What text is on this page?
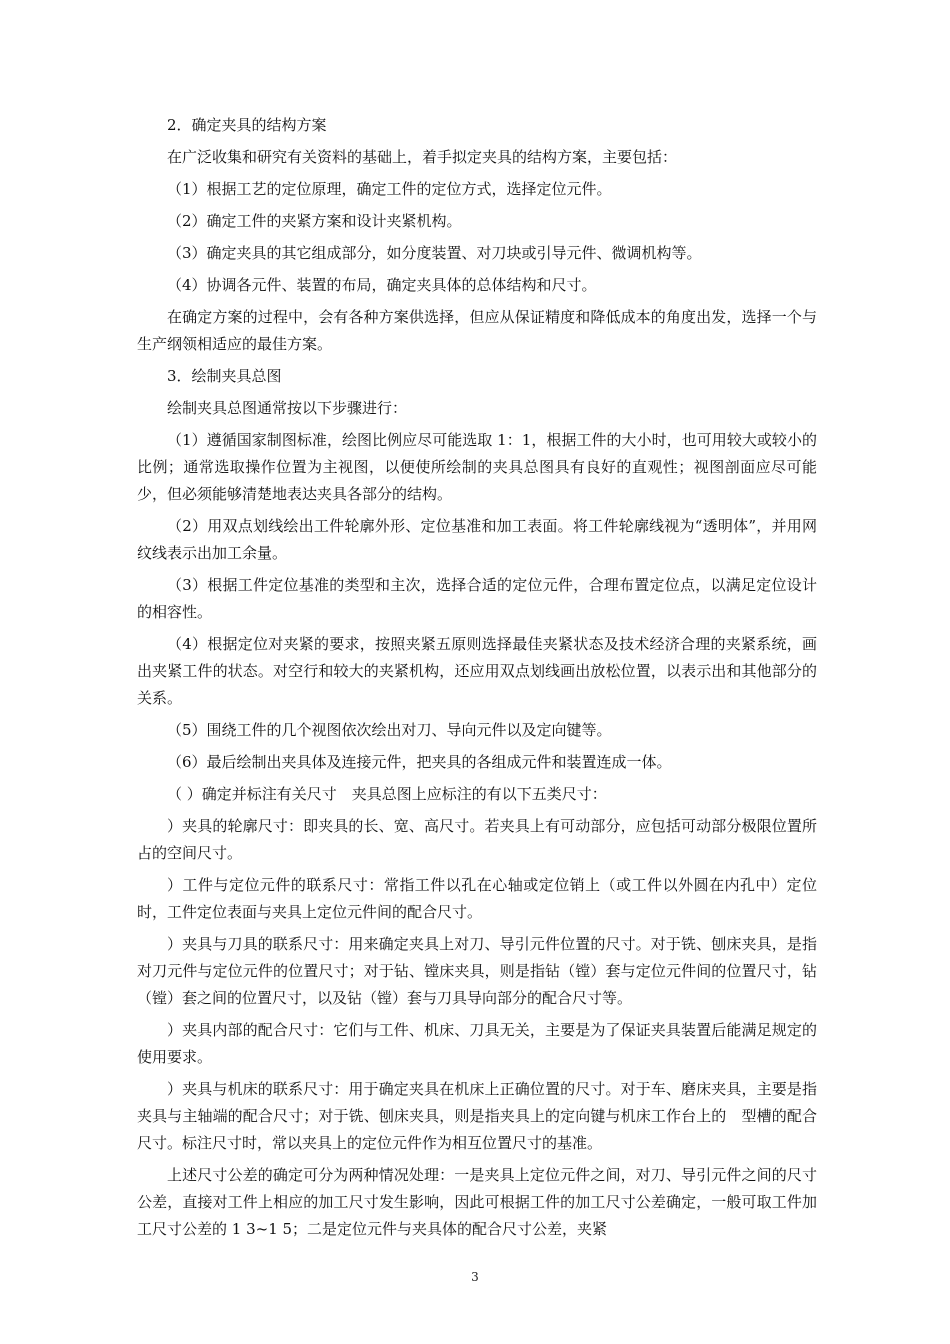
2．确定夹具的结构方案

在广泛收集和研究有关资料的基础上，着手拟定夹具的结构方案，主要包括：

（1）根据工艺的定位原理，确定工件的定位方式，选择定位元件。

（2）确定工件的夹紧方案和设计夹紧机构。

（3）确定夹具的其它组成部分，如分度装置、对刀块或引导元件、微调机构等。

（4）协调各元件、装置的布局，确定夹具体的总体结构和尺寸。

在确定方案的过程中，会有各种方案供选择，但应从保证精度和降低成本的角度出发，选择一个与生产纲领相适应的最佳方案。

3．绘制夹具总图

绘制夹具总图通常按以下步骤进行：

（1）遵循国家制图标准，绘图比例应尽可能选取 1：1，根据工件的大小时，也可用较大或较小的比例；通常选取操作位置为主视图，以便使所绘制的夹具总图具有良好的直观性；视图剖面应尽可能少，但必须能够清楚地表达夹具各部分的结构。

（2）用双点划线绘出工件轮廓外形、定位基准和加工表面。将工件轮廓线视为“透明体”，并用网纹线表示出加工余量。

（3）根据工件定位基准的类型和主次，选择合适的定位元件，合理布置定位点，以满足定位设计的相容性。

（4）根据定位对夹紧的要求，按照夹紧五原则选择最佳夹紧状态及技术经济合理的夹紧系统，画出夹紧工件的状态。对空行和较大的夹紧机构，还应用双点划线画出放松位置，以表示出和其他部分的关系。

（5）围绕工件的几个视图依次绘出对刀、导向元件以及定向键等。

（6）最后绘制出夹具体及连接元件，把夹具的各组成元件和装置连成一体。

（ ）确定并标注有关尺寸　夹具总图上应标注的有以下五类尺寸：

）夹具的轮廓尺寸：即夹具的长、宽、高尺寸。若夹具上有可动部分，应包括可动部分极限位置所占的空间尺寸。

）工件与定位元件的联系尺寸：常指工件以孔在心轴或定位销上（或工件以外圆在内孔中）定位时，工件定位表面与夹具上定位元件间的配合尺寸。

）夹具与刀具的联系尺寸：用来确定夹具上对刀、导引元件位置的尺寸。对于铣、刨床夹具，是指对刀元件与定位元件的位置尺寸；对于钻、镗床夹具，则是指钻（镗）套与定位元件间的位置尺寸，钻（镗）套之间的位置尺寸，以及钻（镗）套与刀具导向部分的配合尺寸等。

）夹具内部的配合尺寸：它们与工件、机床、刀具无关，主要是为了保证夹具装置后能满足规定的使用要求。

）夹具与机床的联系尺寸：用于确定夹具在机床上正确位置的尺寸。对于车、磨床夹具，主要是指夹具与主轴端的配合尺寸；对于铣、刨床夹具，则是指夹具上的定向键与机床工作台上的　型槽的配合尺寸。标注尺寸时，常以夹具上的定位元件作为相互位置尺寸的基准。

上述尺寸公差的确定可分为两种情况处理：一是夹具上定位元件之间，对刀、导引元件之间的尺寸公差，直接对工件上相应的加工尺寸发生影响，因此可根据工件的加工尺寸公差确定，一般可取工件加工尺寸公差的 1 3~1 5；二是定位元件与夹具体的配合尺寸公差，夹紧

3
